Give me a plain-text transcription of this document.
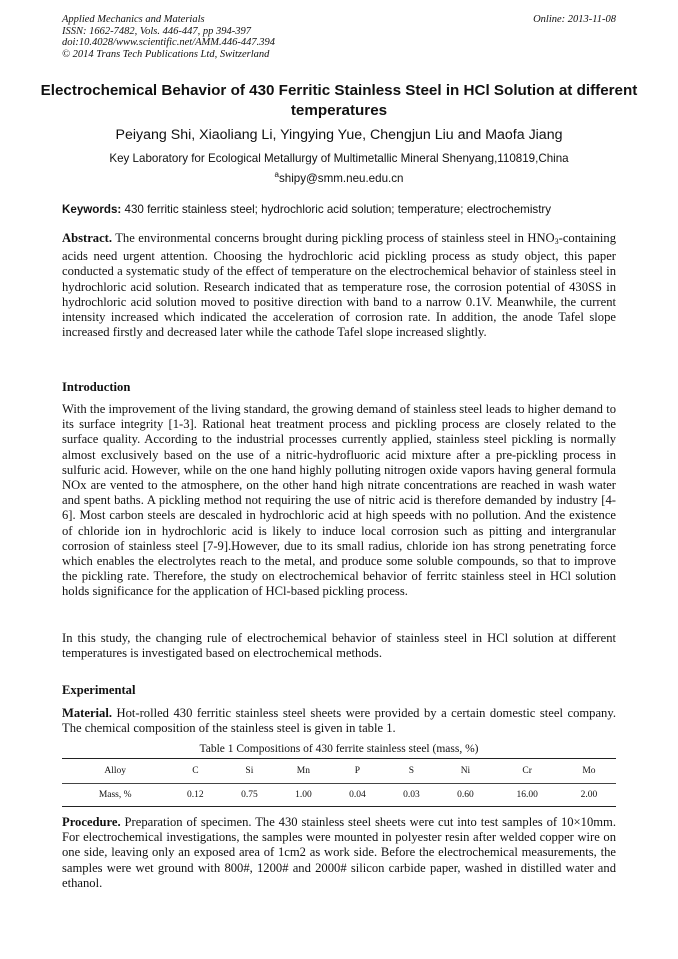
Applied Mechanics and Materials
ISSN: 1662-7482, Vols. 446-447, pp 394-397
doi:10.4028/www.scientific.net/AMM.446-447.394
© 2014 Trans Tech Publications Ltd, Switzerland
Online: 2013-11-08
Electrochemical Behavior of 430 Ferritic Stainless Steel in HCl Solution at different temperatures
Peiyang Shi, Xiaoliang Li, Yingying Yue, Chengjun Liu and Maofa Jiang
Key Laboratory for Ecological Metallurgy of Multimetallic Mineral Shenyang,110819,China
$^a$shipy@smm.neu.edu.cn
Keywords: 430 ferritic stainless steel; hydrochloric acid solution; temperature; electrochemistry
Abstract. The environmental concerns brought during pickling process of stainless steel in $HNO_3$-containing acids need urgent attention. Choosing the hydrochloric acid pickling process as study object, this paper conducted a systematic study of the effect of temperature on the electrochemical behavior of stainless steel in hydrochloric acid solution. Research indicated that as temperature rose, the corrosion potential of 430SS in hydrochloric acid solution moved to positive direction with band to a narrow 0.1V. Meanwhile, the current intensity increased which indicated the acceleration of corrosion rate. In addition, the anode Tafel slope increased firstly and decreased later while the cathode Tafel slope increased slightly.
Introduction
With the improvement of the living standard, the growing demand of stainless steel leads to higher demand to its surface integrity [1-3]. Rational heat treatment process and pickling process are closely related to the surface quality. According to the industrial processes currently applied, stainless steel pickling is normally almost exclusively based on the use of a nitric-hydrofluoric acid mixture after a pre-pickling process in sulfuric acid. However, while on the one hand highly polluting nitrogen oxide vapors having general formula NOx are vented to the atmosphere, on the other hand high nitrate concentrations are reached in wash water and spent baths. A pickling method not requiring the use of nitric acid is therefore demanded by industry [4-6]. Most carbon steels are descaled in hydrochloric acid at high speeds with no pollution. And the existence of chloride ion in hydrochloric acid is likely to induce local corrosion such as pitting and intergranular corrosion of stainless steel [7-9].However, due to its small radius, chloride ion has strong penetrating force which enables the electrolytes reach to the metal, and produce some soluble compounds, so that to improve the pickling rate. Therefore, the study on electrochemical behavior of ferritc stainless steel in HCl solution holds significance for the application of HCl-based pickling process.
In this study, the changing rule of electrochemical behavior of stainless steel in HCl solution at different temperatures is investigated based on electrochemical methods.
Experimental
Material. Hot-rolled 430 ferritic stainless steel sheets were provided by a certain domestic steel company. The chemical composition of the stainless steel is given in table 1.
Table 1 Compositions of 430 ferrite stainless steel (mass, %)
Alloy	C	Si	Mn	P	S	Ni	Cr	Mo
Mass, %	0.12	0.75	1.00	0.04	0.03	0.60	16.00	2.00
Procedure. Preparation of specimen. The 430 stainless steel sheets were cut into test samples of 10×10mm. For electrochemical investigations, the samples were mounted in polyester resin after welded copper wire on one side, leaving only an exposed area of 1cm2 as work side. Before the electrochemical measurements, the samples were wet ground with 800#, 1200# and 2000# silicon carbide paper, washed in distilled water and ethanol.
